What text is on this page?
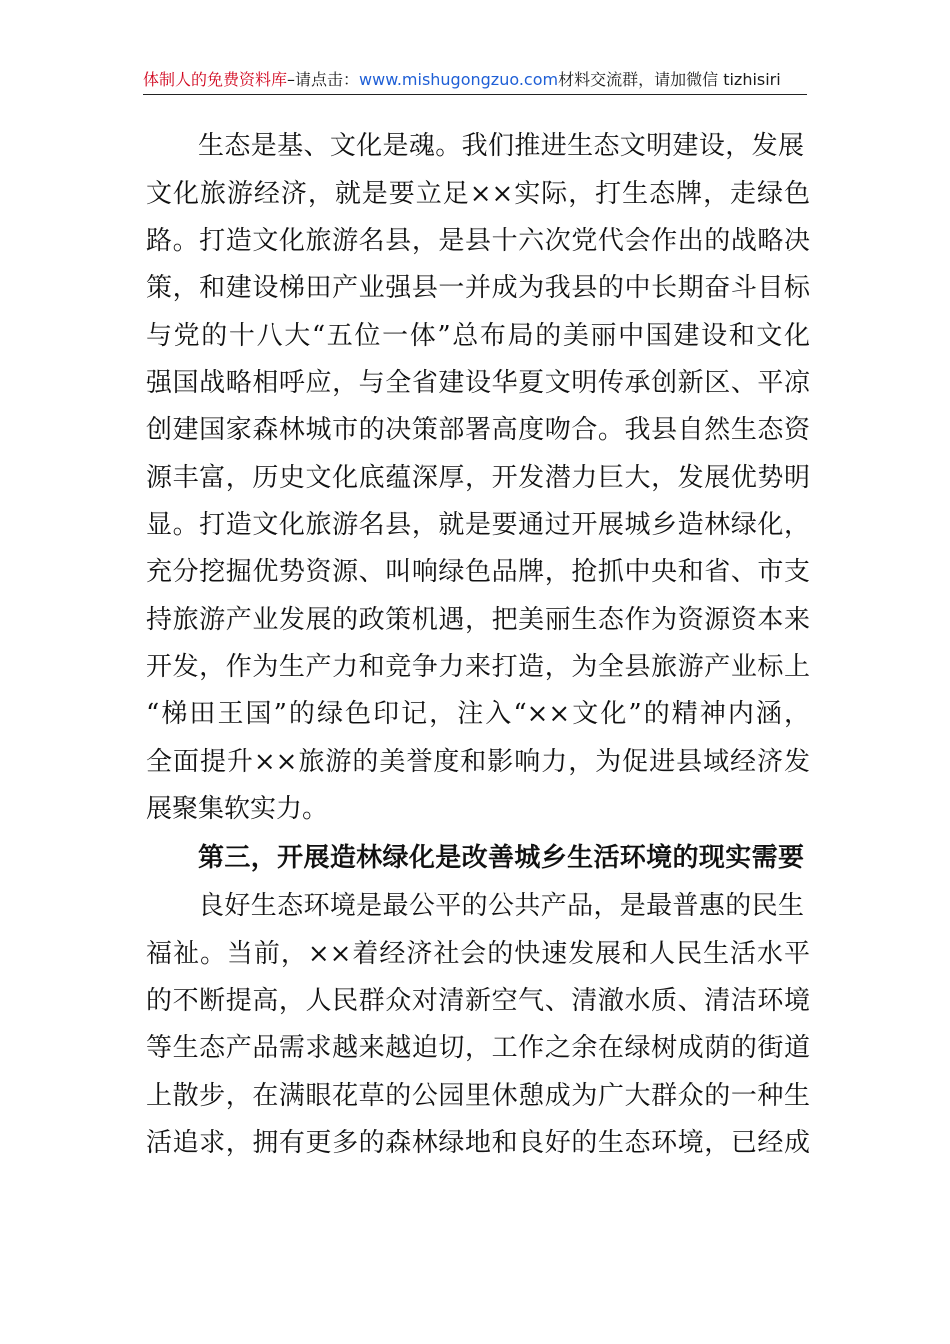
体制人的免费资料库–请点击：www.mishugongzuo.com材料交流群，请加微信 tizhisiri
生态是基、文化是魂。我们推进生态文明建设，发展
文化旅游经济，就是要立足××实际，打生态牌，走绿色
路。打造文化旅游名县，是县十六次党代会作出的战略决
策，和建设梯田产业强县一并成为我县的中长期奋斗目标
与党的十八大“五位一体”总布局的美丽中国建设和文化
强国战略相呼应，与全省建设华夏文明传承创新区、平凉
创建国家森林城市的决策部署高度吻合。我县自然生态资
源丰富，历史文化底蕴深厚，开发潜力巨大，发展优势明
显。打造文化旅游名县，就是要通过开展城乡造林绿化，
充分挖掘优势资源、叫响绿色品牌，抢抓中央和省、市支
持旅游产业发展的政策机遇，把美丽生态作为资源资本来
开发，作为生产力和竞争力来打造，为全县旅游产业标上
“梯田王国”的绿色印记，注入“××文化”的精神内涵，
全面提升××旅游的美誉度和影响力，为促进县域经济发
展聚集软实力。
第三，开展造林绿化是改善城乡生活环境的现实需要
良好生态环境是最公平的公共产品，是最普惠的民生
福祉。当前，××着经济社会的快速发展和人民生活水平
的不断提高，人民群众对清新空气、清澈水质、清洁环境
等生态产品需求越来越迫切，工作之余在绿树成荫的街道
上散步，在满眼花草的公园里休憩成为广大群众的一种生
活追求，拥有更多的森林绿地和良好的生态环境，已经成
